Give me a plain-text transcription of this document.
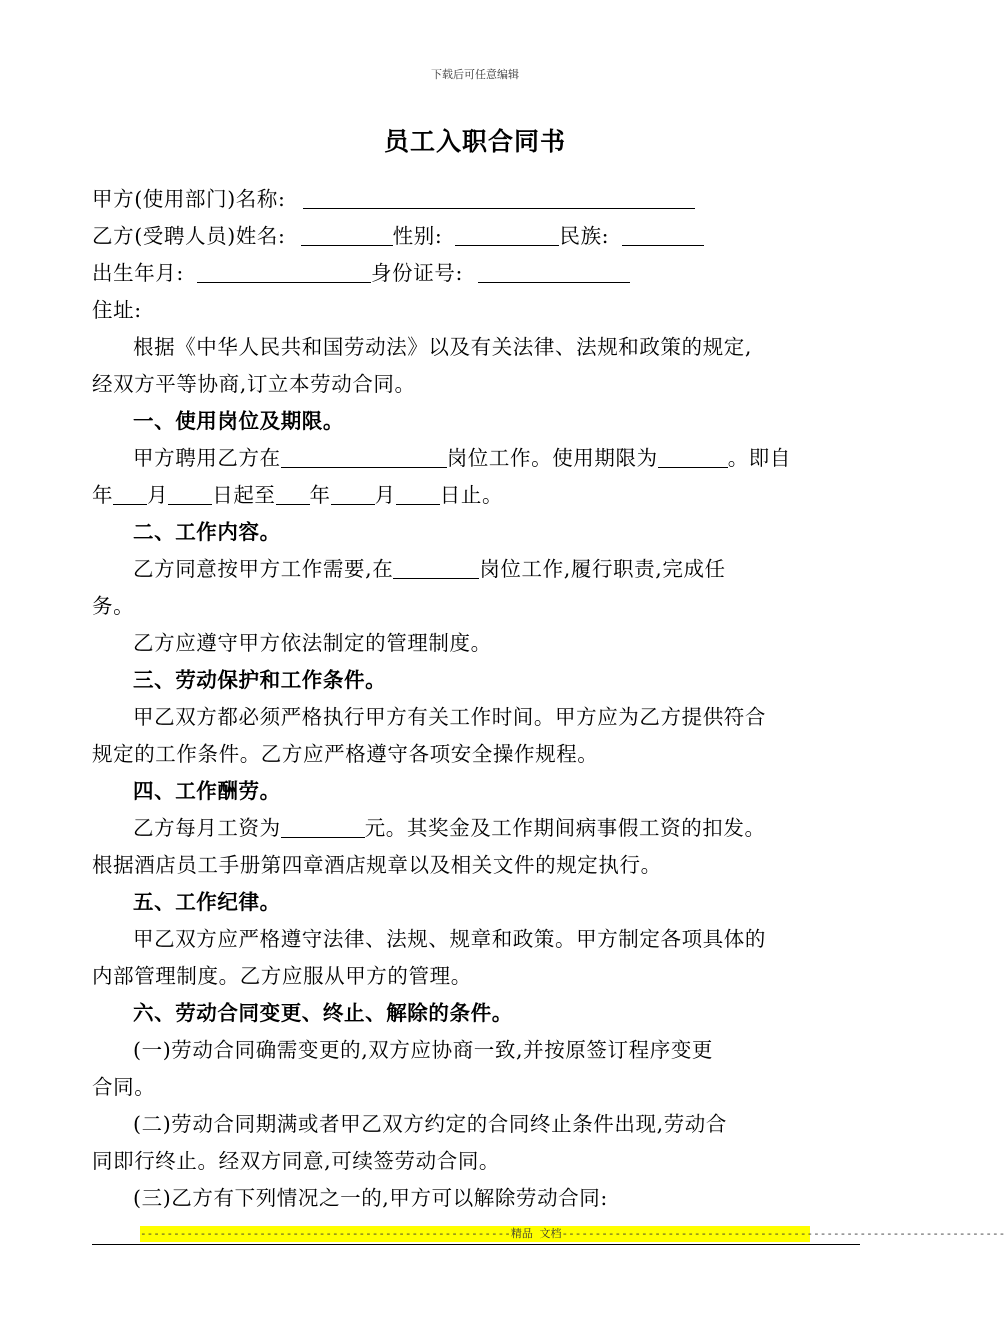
下载后可任意编辑
员工入职合同书
甲方(使用部门)名称:
乙方(受聘人员)姓名:	性别:	民族:
出生年月:	身份证号:
住址:
根据《中华人民共和国劳动法》以及有关法律、法规和政策的规定,
经双方平等协商,订立本劳动合同。
一、使用岗位及期限。
甲方聘用乙方在	岗位工作。使用期限为	。即自
年 月 日起至 年 月 日止。
二、工作内容。
乙方同意按甲方工作需要,在	岗位工作,履行职责,完成任
务。
乙方应遵守甲方依法制定的管理制度。
三、劳动保护和工作条件。
甲乙双方都必须严格执行甲方有关工作时间。甲方应为乙方提供符合
规定的工作条件。乙方应严格遵守各项安全操作规程。
四、工作酬劳。
乙方每月工资为	元。其奖金及工作期间病事假工资的扣发。
根据酒店员工手册第四章酒店规章以及相关文件的规定执行。
五、工作纪律。
甲乙双方应严格遵守法律、法规、规章和政策。甲方制定各项具体的
内部管理制度。乙方应服从甲方的管理。
六、劳动合同变更、终止、解除的条件。
(一)劳动合同确需变更的,双方应协商一致,并按原签订程序变更
合同。
(二)劳动合同期满或者甲乙双方约定的合同终止条件出现,劳动合
同即行终止。经双方同意,可续签劳动合同。
(三)乙方有下列情况之一的,甲方可以解除劳动合同:
--------------------------------------------------------精品 文档-------------------------------------------------------------------
